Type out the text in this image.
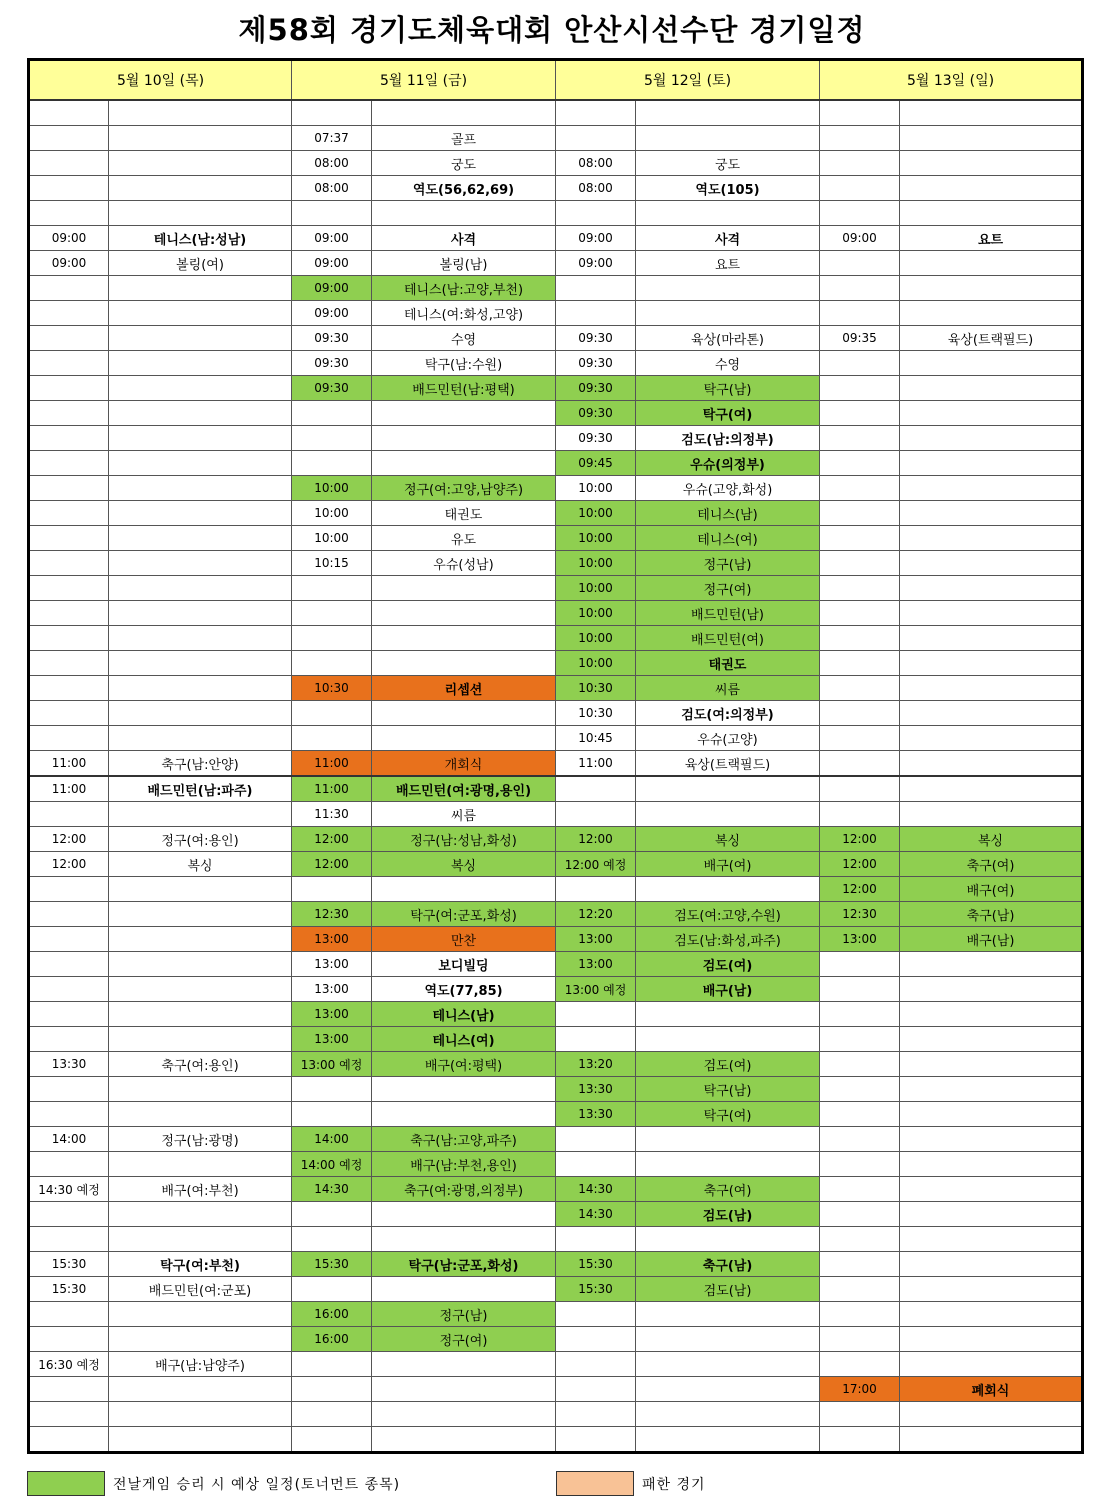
제58회 경기도체육대회 안산시선수단 경기일정
5월 10일 (목)		5월 11일 (금)		5월 12일 (토)		5월 13일 (일)	

		07:37	골프				
		08:00	궁도	08:00	궁도		
		08:00	역도(56,62,69)	08:00	역도(105)		

09:00	테니스(남:성남)	09:00	사격	09:00	사격	09:00	요트
09:00	볼링(여)	09:00	볼링(남)	09:00	요트		
		09:00	테니스(남:고양,부천)				
		09:00	테니스(여:화성,고양)				
		09:30	수영	09:30	육상(마라톤)	09:35	육상(트랙필드)
		09:30	탁구(남:수원)	09:30	수영		
		09:30	배드민턴(남:평택)	09:30	탁구(남)		
				09:30	탁구(여)		
				09:30	검도(남:의정부)		
				09:45	우슈(의정부)		
		10:00	정구(여:고양,남양주)	10:00	우슈(고양,화성)		
		10:00	태권도	10:00	테니스(남)		
		10:00	유도	10:00	테니스(여)		
		10:15	우슈(성남)	10:00	정구(남)		
				10:00	정구(여)		
				10:00	배드민턴(남)		
				10:00	배드민턴(여)		
				10:00	태권도		
		10:30	리셉션	10:30	씨름		
				10:30	검도(여:의정부)		
				10:45	우슈(고양)		
11:00	축구(남:안양)	11:00	개회식	11:00	육상(트랙필드)		
11:00	배드민턴(남:파주)	11:00	배드민턴(여:광명,용인)				
		11:30	씨름				
12:00	정구(여:용인)	12:00	정구(남:성남,화성)	12:00	복싱	12:00	복싱
12:00	복싱	12:00	복싱	12:00 예정	배구(여)	12:00	축구(여)
						12:00	배구(여)
		12:30	탁구(여:군포,화성)	12:20	검도(여:고양,수원)	12:30	축구(남)
		13:00	만찬	13:00	검도(남:화성,파주)	13:00	배구(남)
		13:00	보디빌딩	13:00	검도(여)		
		13:00	역도(77,85)	13:00 예정	배구(남)		
		13:00	테니스(남)				
		13:00	테니스(여)				
13:30	축구(여:용인)	13:00 예정	배구(여:평택)	13:20	검도(여)		
				13:30	탁구(남)		
				13:30	탁구(여)		
14:00	정구(남:광명)	14:00	축구(남:고양,파주)				
		14:00 예정	배구(남:부천,용인)				
14:30 예정	배구(여:부천)	14:30	축구(여:광명,의정부)	14:30	축구(여)		
				14:30	검도(남)		

15:30	탁구(여:부천)	15:30	탁구(남:군포,화성)	15:30	축구(남)		
15:30	배드민턴(여:군포)			15:30	검도(남)		
		16:00	정구(남)				
		16:00	정구(여)				
16:30 예정	배구(남:남양주)						
						17:00	폐회식

전날게임 승리 시 예상 일정(토너먼트 종목)	패한 경기
